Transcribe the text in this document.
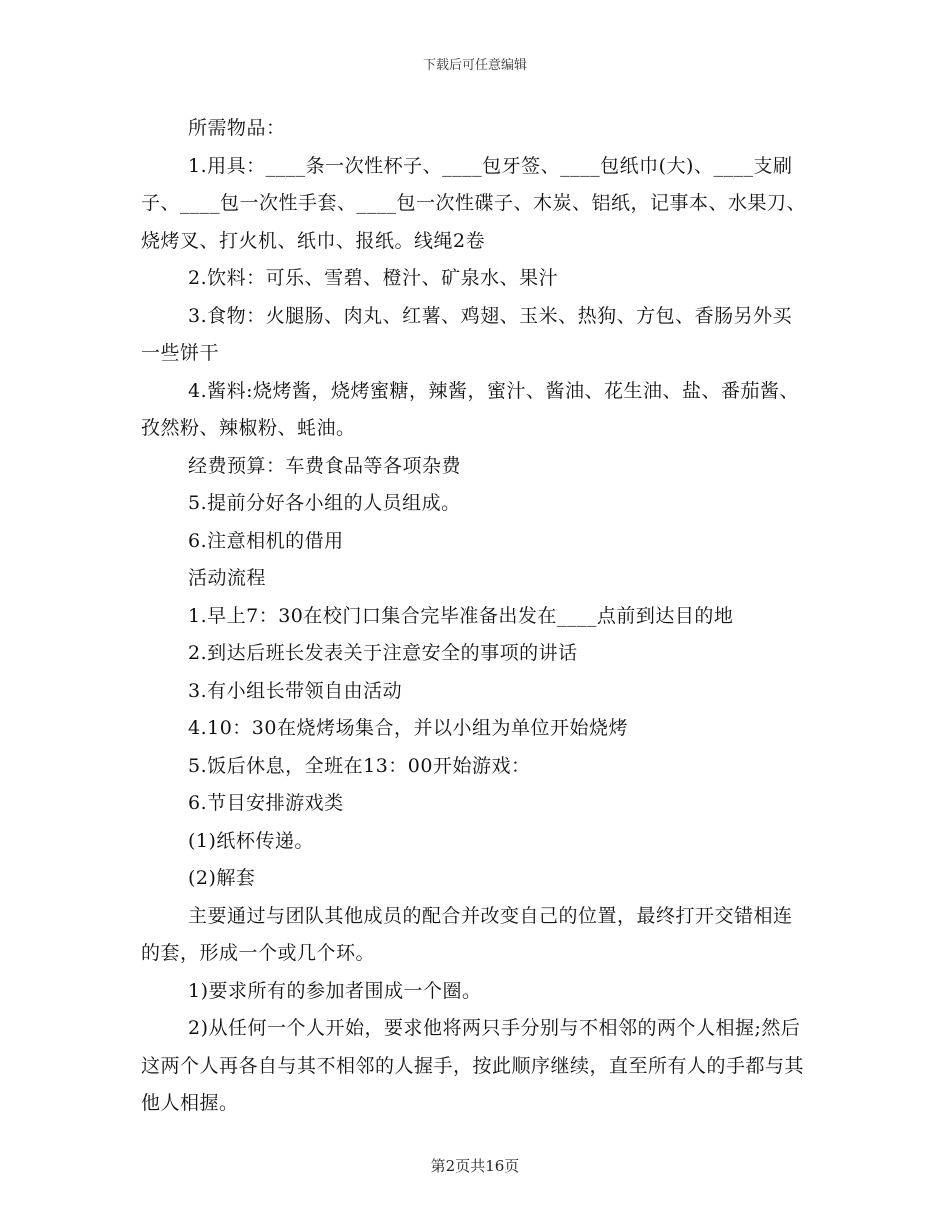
下载后可任意编辑

所需物品：

1.用具：____条一次性杯子、____包牙签、____包纸巾(大)、____支刷子、____包一次性手套、____包一次性碟子、木炭、铝纸，记事本、水果刀、烧烤叉、打火机、纸巾、报纸。线绳2卷

2.饮料：可乐、雪碧、橙汁、矿泉水、果汁

3.食物：火腿肠、肉丸、红薯、鸡翅、玉米、热狗、方包、香肠另外买一些饼干

4.酱料:烧烤酱，烧烤蜜糖，辣酱，蜜汁、酱油、花生油、盐、番茄酱、孜然粉、辣椒粉、蚝油。

经费预算：车费食品等各项杂费

5.提前分好各小组的人员组成。

6.注意相机的借用

活动流程

1.早上7：30在校门口集合完毕准备出发在____点前到达目的地

2.到达后班长发表关于注意安全的事项的讲话

3.有小组长带领自由活动

4.10：30在烧烤场集合，并以小组为单位开始烧烤

5.饭后休息，全班在13：00开始游戏：

6.节目安排游戏类

(1)纸杯传递。

(2)解套

主要通过与团队其他成员的配合并改变自己的位置，最终打开交错相连的套，形成一个或几个环。

1)要求所有的参加者围成一个圈。

2)从任何一个人开始，要求他将两只手分别与不相邻的两个人相握;然后这两个人再各自与其不相邻的人握手，按此顺序继续，直至所有人的手都与其他人相握。

第2页共16页
